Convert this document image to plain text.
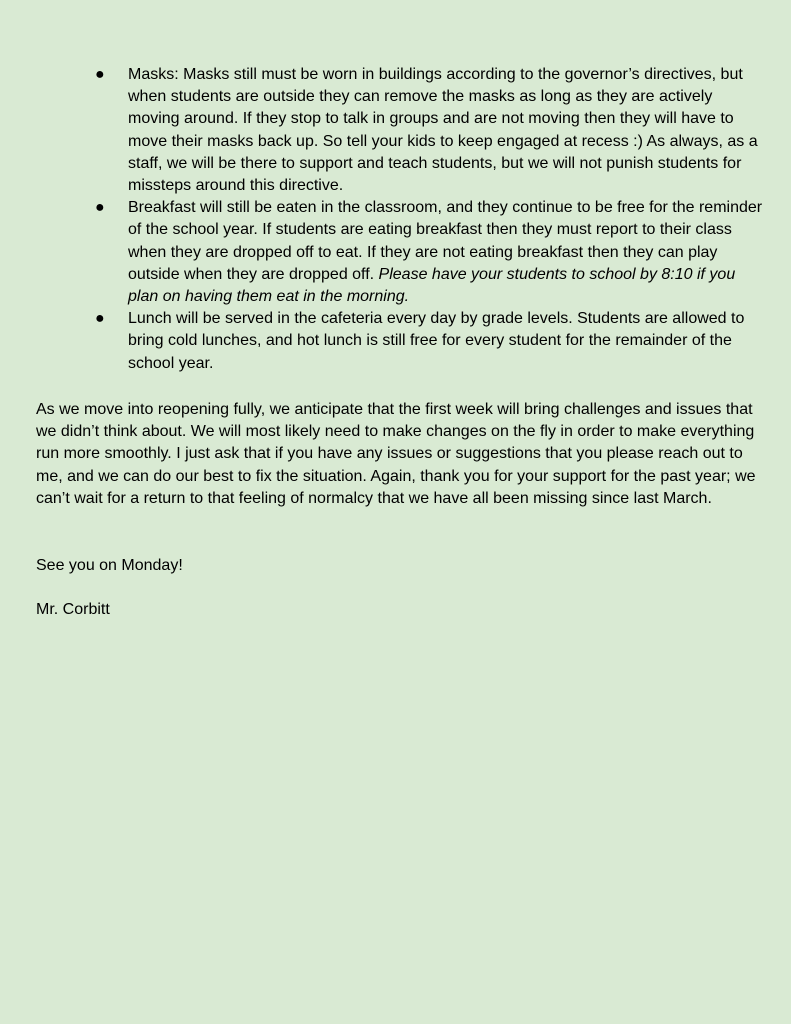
● Masks: Masks still must be worn in buildings according to the governor’s directives, but when students are outside they can remove the masks as long as they are actively moving around. If they stop to talk in groups and are not moving then they will have to move their masks back up. So tell your kids to keep engaged at recess :) As always, as a staff, we will be there to support and teach students, but we will not punish students for missteps around this directive.
● Breakfast will still be eaten in the classroom, and they continue to be free for the reminder of the school year. If students are eating breakfast then they must report to their class when they are dropped off to eat. If they are not eating breakfast then they can play outside when they are dropped off. Please have your students to school by 8:10 if you plan on having them eat in the morning.
● Lunch will be served in the cafeteria every day by grade levels. Students are allowed to bring cold lunches, and hot lunch is still free for every student for the remainder of the school year.

As we move into reopening fully, we anticipate that the first week will bring challenges and issues that we didn’t think about. We will most likely need to make changes on the fly in order to make everything run more smoothly. I just ask that if you have any issues or suggestions that you please reach out to me, and we can do our best to fix the situation. Again, thank you for your support for the past year; we can’t wait for a return to that feeling of normalcy that we have all been missing since last March.

See you on Monday!

Mr. Corbitt
